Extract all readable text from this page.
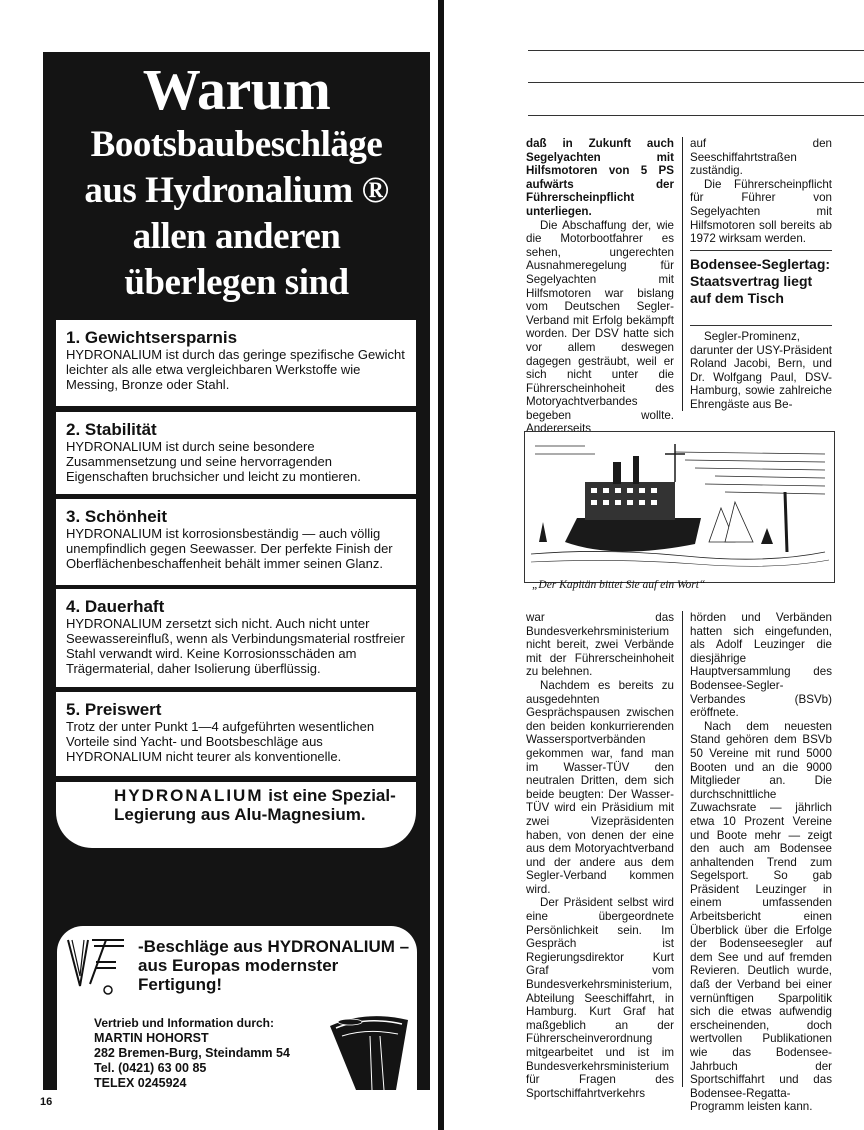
Warum
Bootsbaubeschläge
aus Hydronalium ®
allen anderen
überlegen sind
1. Gewichtsersparnis

HYDRONALIUM ist durch das geringe spezifische Gewicht leichter als alle etwa vergleichbaren Werkstoffe wie Messing, Bronze oder Stahl.

2. Stabilität

HYDRONALIUM ist durch seine besondere Zusammensetzung und seine hervorragenden Eigenschaften bruchsicher und leicht zu montieren.

3. Schönheit

HYDRONALIUM ist korrosionsbeständig — auch völlig unempfindlich gegen Seewasser. Der perfekte Finish der Oberflächenbeschaffenheit behält immer seinen Glanz.

4. Dauerhaft

HYDRONALIUM zersetzt sich nicht. Auch nicht unter Seewassereinfluß, wenn als Verbindungsmaterial rostfreier Stahl verwandt wird. Keine Korrosionsschäden am Trägermaterial, daher Isolierung überflüssig.

5. Preiswert

Trotz der unter Punkt 1—4 aufgeführten wesentlichen Vorteile sind Yacht- und Bootsbeschläge aus HYDRONALIUM nicht teurer als konventionelle.

HYDRONALIUM ist eine Spezial-Legierung aus Alu-Magnesium.
-Beschläge aus HYDRONALIUM – aus Europas modernster Fertigung!
Vertrieb und Information durch:
MARTIN HOHORST
282 Bremen-Burg, Steindamm 54
Tel. (0421) 63 00 85
TELEX 0245924
16

daß in Zukunft auch Segelyachten mit Hilfsmotoren von 5 PS aufwärts der Führerscheinpflicht unterliegen.

Die Abschaffung der, wie die Motorbootfahrer es sehen, ungerechten Ausnahmeregelung für Segelyachten mit Hilfsmotoren war bislang vom Deutschen Segler-Verband mit Erfolg bekämpft worden. Der DSV hatte sich vor allem deswegen dagegen gesträubt, weil er sich nicht unter die Führerscheinhoheit des Motoryachtverbandes begeben wollte. Andererseits

auf den Seeschiffahrtstraßen zuständig.

Die Führerscheinpflicht für Führer von Segelyachten mit Hilfsmotoren soll bereits ab 1972 wirksam werden.

Bodensee-Seglertag: Staatsvertrag liegt auf dem Tisch

Segler-Prominenz, darunter der USY-Präsident Roland Jacobi, Bern, und Dr. Wolfgang Paul, DSV-Hamburg, sowie zahlreiche Ehrengäste aus Be-

„Der Kapitän bittet Sie auf ein Wort“

war das Bundesverkehrsministerium nicht bereit, zwei Verbände mit der Führerscheinhoheit zu belehnen.

Nachdem es bereits zu ausgedehnten Gesprächspausen zwischen den beiden konkurrierenden Wassersportverbänden gekommen war, fand man im Wasser-TÜV den neutralen Dritten, dem sich beide beugten: Der Wasser-TÜV wird ein Präsidium mit zwei Vizepräsidenten haben, von denen der eine aus dem Motoryachtverband und der andere aus dem Segler-Verband kommen wird.

Der Präsident selbst wird eine übergeordnete Persönlichkeit sein. Im Gespräch ist Regierungsdirektor Kurt Graf vom Bundesverkehrsministerium, Abteilung Seeschiffahrt, in Hamburg. Kurt Graf hat maßgeblich an der Führerscheinverordnung mitgearbeitet und ist im Bundesverkehrsministerium für Fragen des Sportschiffahrtverkehrs

hörden und Verbänden hatten sich eingefunden, als Adolf Leuzinger die diesjährige Hauptversammlung des Bodensee-Segler-Verbandes (BSVb) eröffnete.

Nach dem neuesten Stand gehören dem BSVb 50 Vereine mit rund 5000 Booten und an die 9000 Mitglieder an. Die durchschnittliche Zuwachsrate — jährlich etwa 10 Prozent Vereine und Boote mehr — zeigt den auch am Bodensee anhaltenden Trend zum Segelsport. So gab Präsident Leuzinger in einem umfassenden Arbeitsbericht einen Überblick über die Erfolge der Bodenseesegler auf dem See und auf fremden Revieren. Deutlich wurde, daß der Verband bei einer vernünftigen Sparpolitik sich die etwas aufwendig erscheinenden, doch wertvollen Publikationen wie das Bodensee-Jahrbuch der Sportschiffahrt und das Bodensee-Regatta-Programm leisten kann.
